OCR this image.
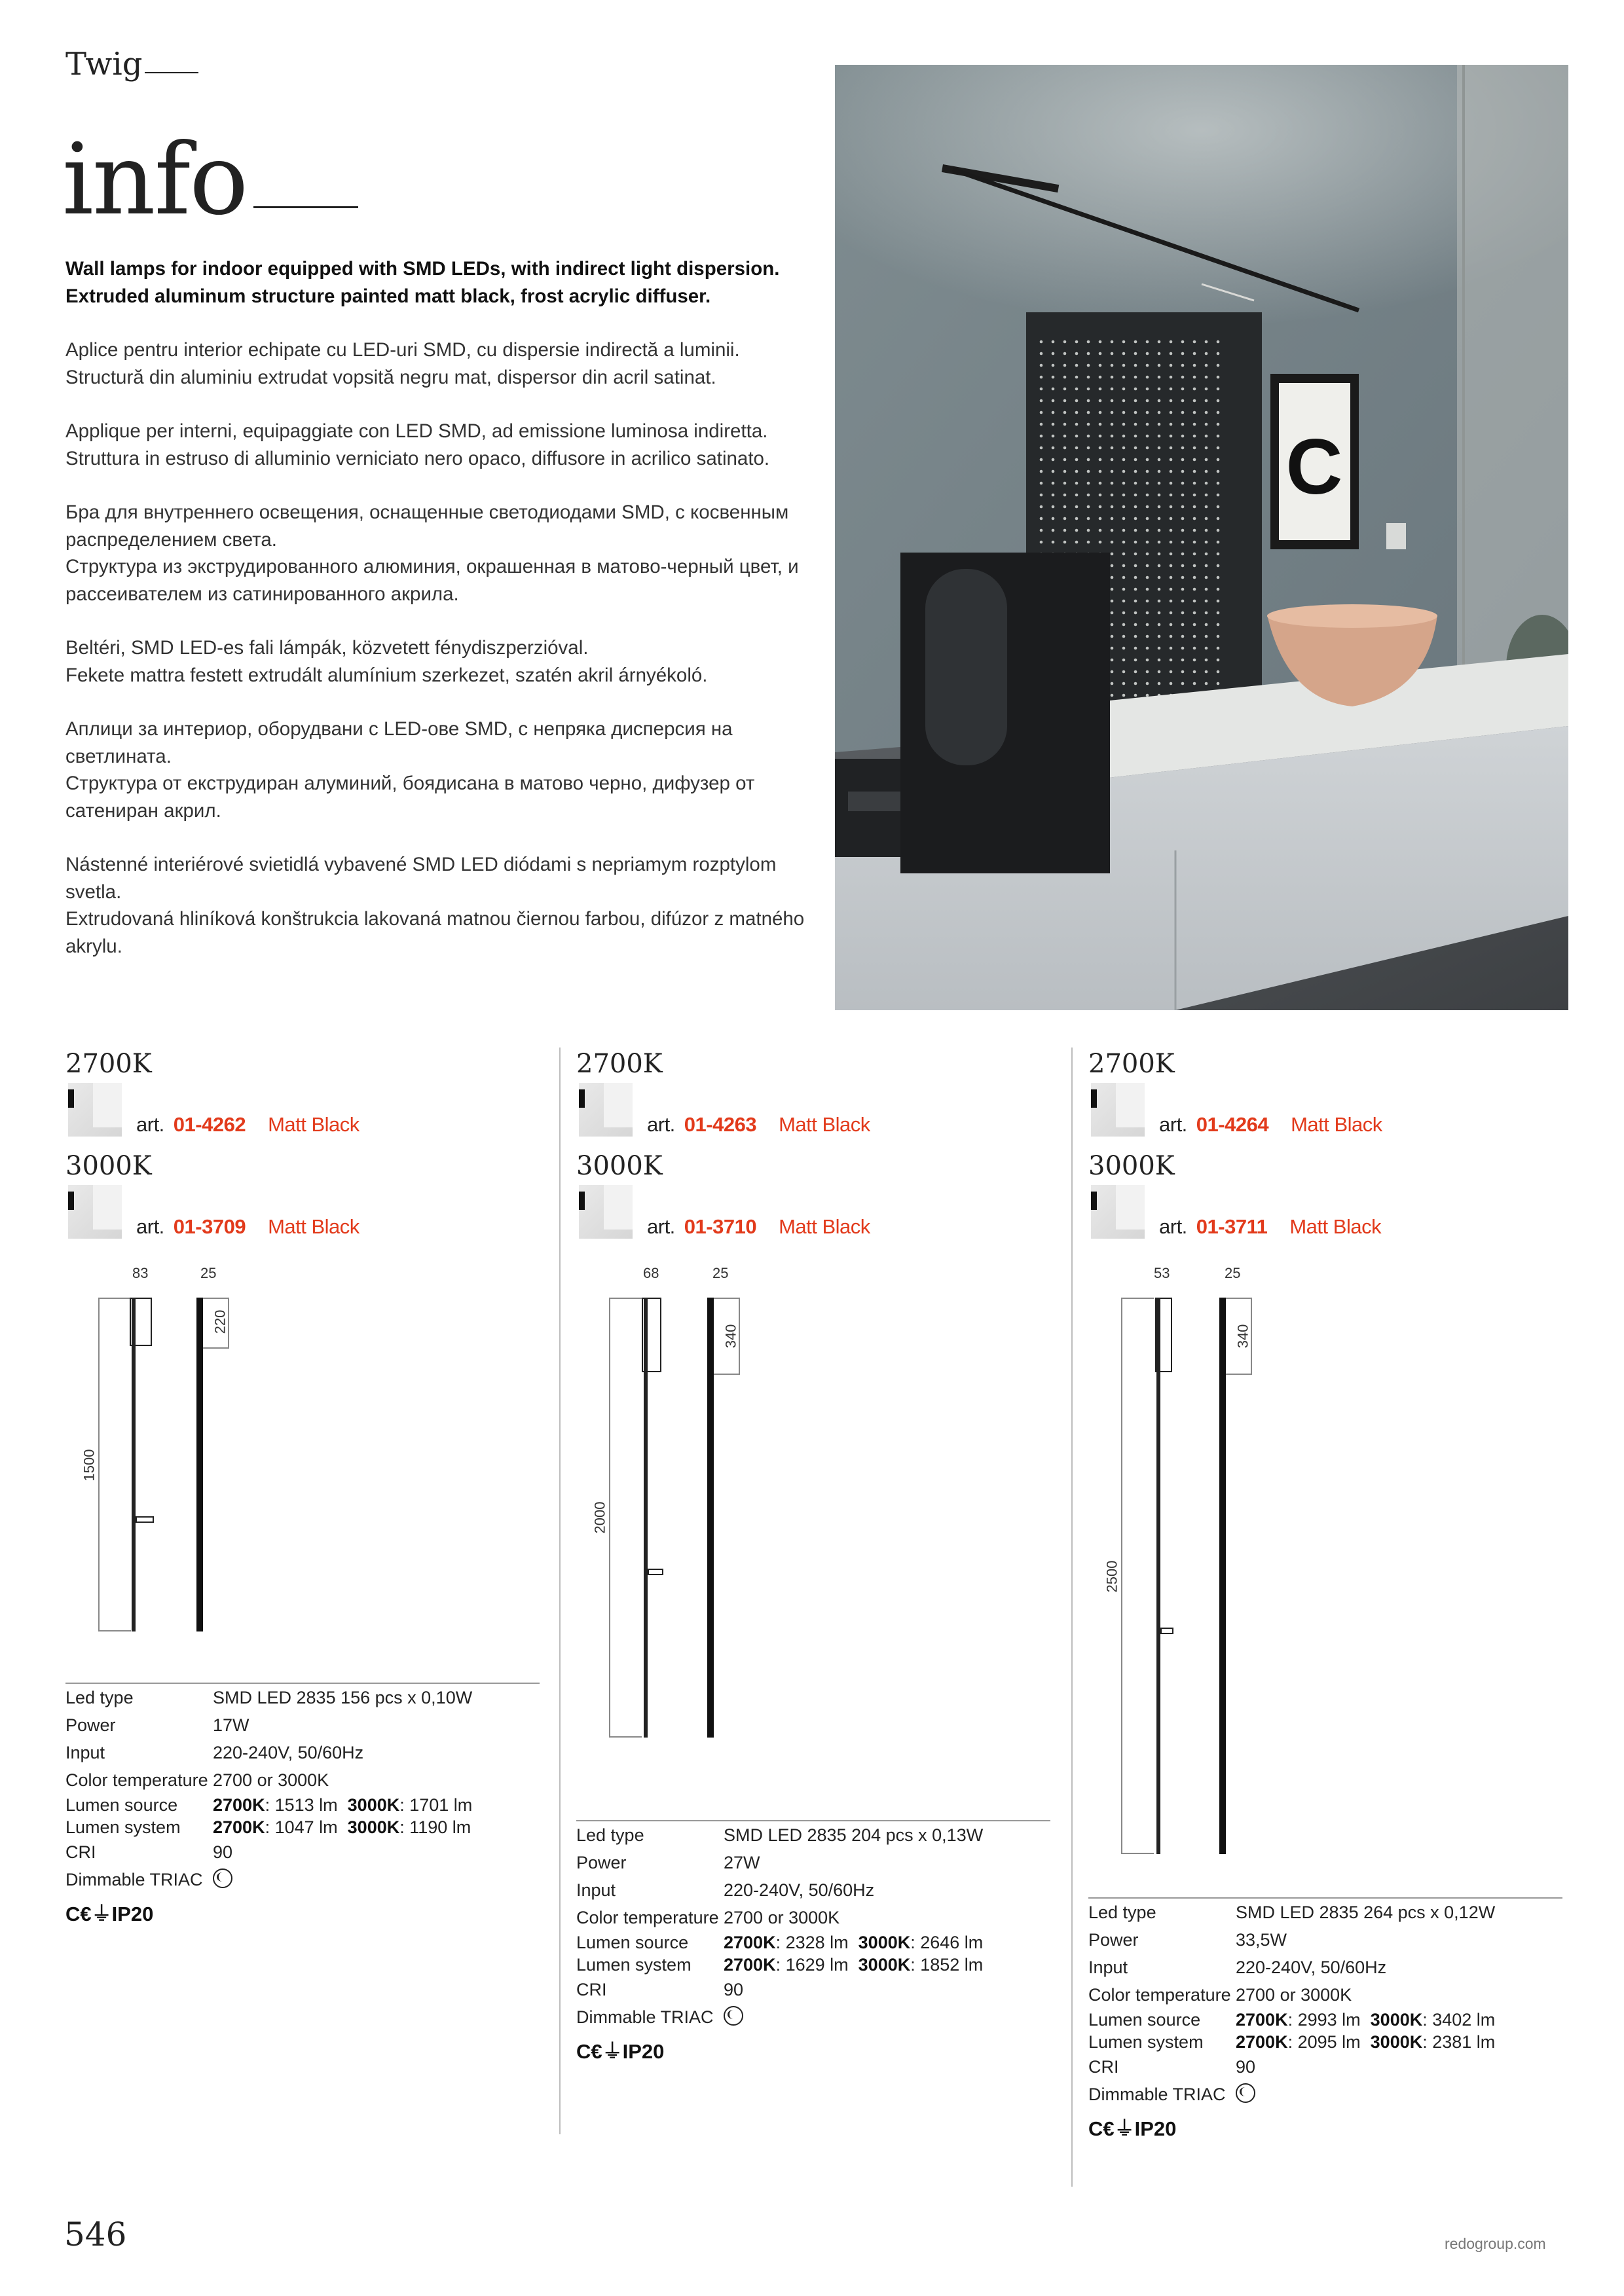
Twig
info

Wall lamps for indoor equipped with SMD LEDs, with indirect light dispersion.
Extruded aluminum structure painted matt black, frost acrylic diffuser.

Aplice pentru interior echipate cu LED-uri SMD, cu dispersie indirectă a luminii.
Structură din aluminiu extrudat vopsită negru mat, dispersor din acril satinat.

Applique per interni, equipaggiate con LED SMD, ad emissione luminosa indiretta.
Struttura in estruso di alluminio verniciato nero opaco, diffusore in acrilico satinato.

Бра для внутреннего освещения, оснащенные светодиодами SMD, с косвенным
распределением света.
Структура из экструдированного алюминия, окрашенная в матово-черный цвет, и
рассеивателем из сатинированного акрила.

Beltéri, SMD LED-es fali lámpák, közvetett fénydiszperzióval.
Fekete mattra festett extrudált alumínium szerkezet, szatén akril árnyékoló.

Аплици за интериор, оборудвани с LED-ове SMD, с непряка дисперсия на
светлината.
Структура от екструдиран алуминий, боядисана в матово черно, дифузер от
сатениран акрил.

Nástenné interiérové svietidlá vybavené SMD LED diódami s nepriamym rozptylom
svetla.
Extrudovaná hliníková konštrukcia lakovaná matnou čiernou farbou, difúzor z matného
akrylu.

C
2700K
art. 01-4262 Matt Black
3000K
art. 01-3709 Matt Black
2700K
art. 01-4263 Matt Black
3000K
art. 01-3710 Matt Black
2700K
art. 01-4264 Matt Black
3000K
art. 01-3711 Matt Black
83	25
1500
220
68	25
2000
340
53	25
2500
340
Led type	SMD LED 2835 156 pcs x 0,10W
Power	17W
Input	220-240V, 50/60Hz
Color temperature 2700 or 3000K
Lumen source	2700K: 1513 lm 3000K: 1701 lm
Lumen system	2700K: 1047 lm 3000K: 1190 lm
CRI	90
Dimmable TRIAC
C€⏚IP20
Led type	SMD LED 2835 204 pcs x 0,13W
Power	27W
Input	220-240V, 50/60Hz
Color temperature 2700 or 3000K
Lumen source	2700K: 2328 lm 3000K: 2646 lm
Lumen system	2700K: 1629 lm 3000K: 1852 lm
CRI	90
Dimmable TRIAC
C€⏚IP20
Led type	SMD LED 2835 264 pcs x 0,12W
Power	33,5W
Input	220-240V, 50/60Hz
Color temperature 2700 or 3000K
Lumen source	2700K: 2993 lm 3000K: 3402 lm
Lumen system	2700K: 2095 lm 3000K: 2381 lm
CRI	90
Dimmable TRIAC
C€⏚IP20
546	redogroup.com
